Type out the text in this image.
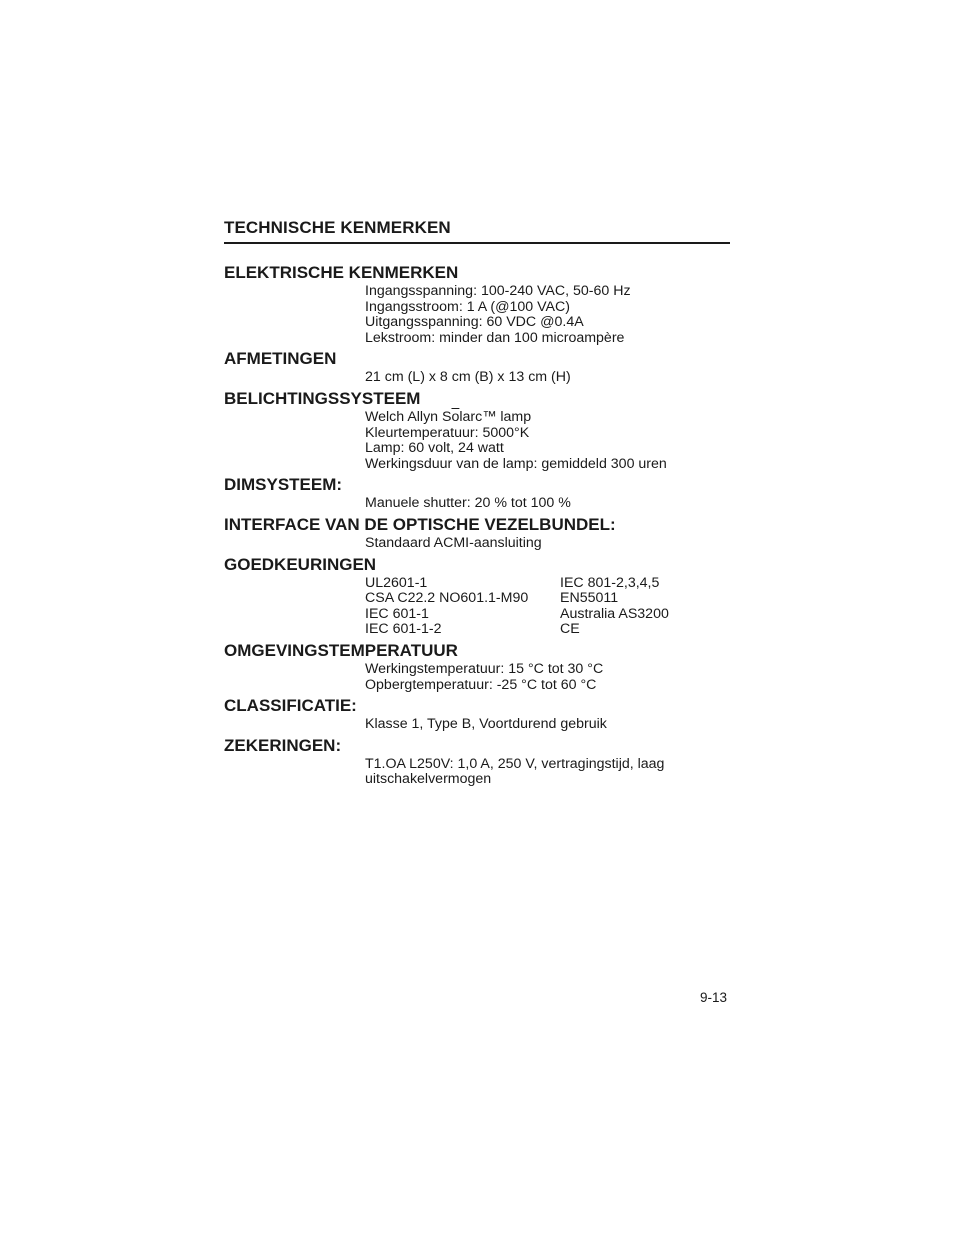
TECHNISCHE KENMERKEN
ELEKTRISCHE KENMERKEN
Ingangsspanning: 100-240 VAC, 50-60 Hz
Ingangsstroom: 1 A (@100 VAC)
Uitgangsspanning: 60 VDC @0.4A
Lekstroom: minder dan 100 microampère
AFMETINGEN
21 cm (L) x 8 cm (B) x 13 cm (H)
BELICHTINGSSYSTEEM
Welch Allyn $S\overline{o}larc™$ lamp
Kleurtemperatuur: 5000°K
Lamp: 60 volt, 24 watt
Werkingsduur van de lamp: gemiddeld 300 uren
DIMSYSTEEM:
Manuele shutter: 20 % tot 100 %
INTERFACE VAN DE OPTISCHE VEZELBUNDEL:
Standaard ACMI-aansluiting
GOEDKEURINGEN
UL2601-1	IEC 801-2,3,4,5
CSA C22.2 NO601.1-M90	EN55011
IEC 601-1	Australia AS3200
IEC 601-1-2	CE
OMGEVINGSTEMPERATUUR
Werkingstemperatuur: 15 °C tot 30 °C
Opbergtemperatuur: -25 °C tot 60 °C
CLASSIFICATIE:
Klasse 1, Type B, Voortdurend gebruik
ZEKERINGEN:
T1.OA L250V: 1,0 A, 250 V, vertragingstijd, laag
uitschakelvermogen
9-13
